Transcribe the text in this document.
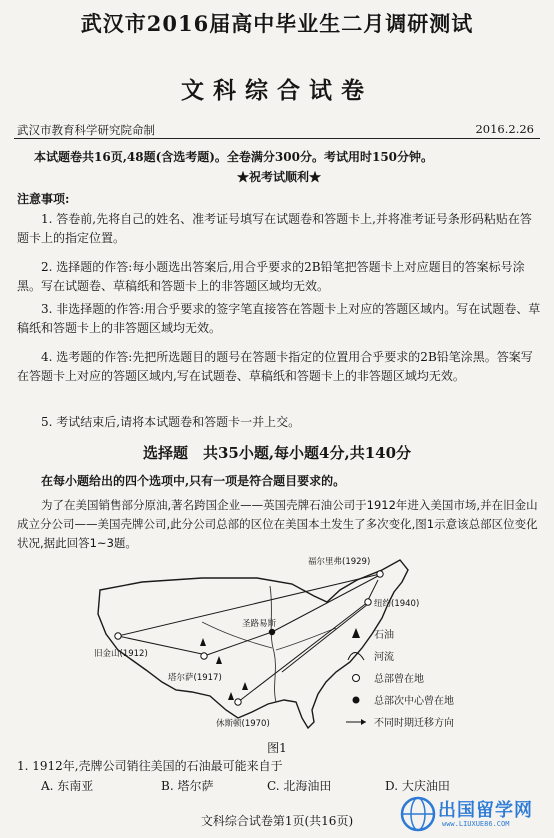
武汉市2016届高中毕业生二月调研测试
文科综合试卷
武汉市教育科学研究院命制	2016.2.26
本试题卷共16页,48题(含选考题)。全卷满分300分。考试用时150分钟。
★祝考试顺利★
注意事项:
1. 答卷前,先将自己的姓名、准考证号填写在试题卷和答题卡上,并将准考证号条形码粘贴在答题卡上的指定位置。
2. 选择题的作答:每小题选出答案后,用合乎要求的2B铅笔把答题卡上对应题目的答案标号涂黑。写在试题卷、草稿纸和答题卡上的非答题区域均无效。
3. 非选择题的作答:用合乎要求的签字笔直接答在答题卡上对应的答题区域内。写在试题卷、草稿纸和答题卡上的非答题区域均无效。
4. 选考题的作答:先把所选题目的题号在答题卡指定的位置用合乎要求的2B铅笔涂黑。答案写在答题卡上对应的答题区域内,写在试题卷、草稿纸和答题卡上的非答题区域均无效。
5. 考试结束后,请将本试题卷和答题卡一并上交。
选择题　共35小题,每小题4分,共140分
在每小题给出的四个选项中,只有一项是符合题目要求的。
为了在美国销售部分原油,著名跨国企业——英国壳牌石油公司于1912年进入美国市场,并在旧金山成立分公司——美国壳牌公司,此分公司总部的区位在美国本土发生了多次变化,图1示意该总部区位变化状况,据此回答1~3题。
福尔里弗(1929)
圣路易斯
纽约(1940)
旧金山(1912)
塔尔萨(1917)
休斯顿(1970)
石油
河流
总部曾在地
总部次中心曾在地
不同时期迁移方向
图1
1. 1912年,壳牌公司销往美国的石油最可能来自于
A. 东南亚	B. 塔尔萨	C. 北海油田	D. 大庆油田
文科综合试卷第1页(共16页)	出国留学网
www.LIUXUE86.COM
